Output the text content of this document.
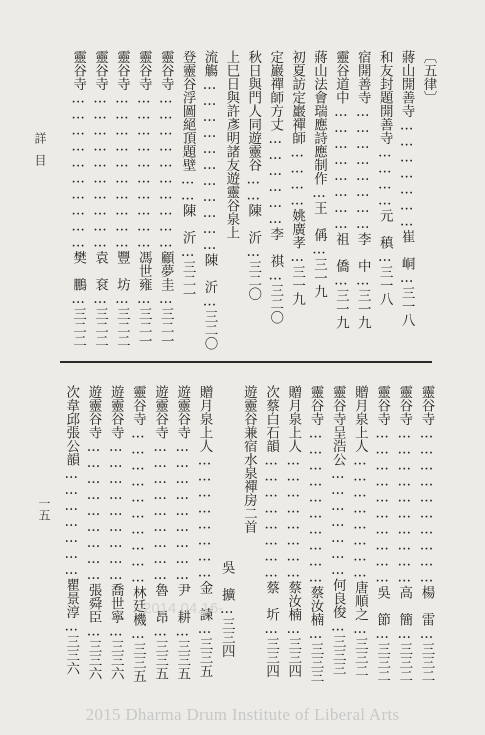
詳目
一五
〔五律〕
蔣山開善寺…………………崔　峒…三一八
和友封題開善寺…………元　稹…三一八
宿開善寺……………………李　中…三一九
靈谷道中……………………祖　僑…三一九
蔣山法會瑞應詩應制作…王　偁…三一九
初夏訪定巖禪師…………姚廣孝…三一九
定巖禪師方丈………………李　祺…三二〇
秋日與門人同遊靈谷……陳　沂…三二〇
上巳日與許彥明諸友遊靈谷泉上
流觴……………………………陳　沂…三二〇
登靈谷浮圖絕頂題壁……陳　沂…三二一
靈谷寺…………………………顧夢圭…三二一
靈谷寺…………………………馮世雍…三二一
靈谷寺…………………………豐　坊…三二二
靈谷寺…………………………袁　袞…三二二
靈谷寺…………………………樊　鵬…三二二
靈谷寺…………………………楊　雷…三三二
靈谷寺…………………………高　簡…三三二
靈谷寺…………………………吳　節…三三二
贈月泉上人……………………唐順之…三三二
靈谷寺呈浩公…………………何良俊…三三三
靈谷寺…………………………蔡汝楠…三三三
贈月泉上人……………………蔡汝楠…三三四
次蔡白石韻……………………蔡　圻…三三四
遊靈谷兼宿水泉禪房二首
　　　　　　　　　　　　　吳　擴…三三四
贈月泉上人……………………金　諫…三三五
遊靈谷寺………………………尹　耕…三三五
遊靈谷寺………………………魯　昂…三三五
靈谷寺…………………………林廷機…三三五
遊靈谷寺………………………喬世寧…三三六
遊靈谷寺………………………張舜臣…三三六
次韋邱張公韻…………………瞿景淳…三三六	-2014.04.16-
2015 Dharma Drum Institute of Liberal Arts
